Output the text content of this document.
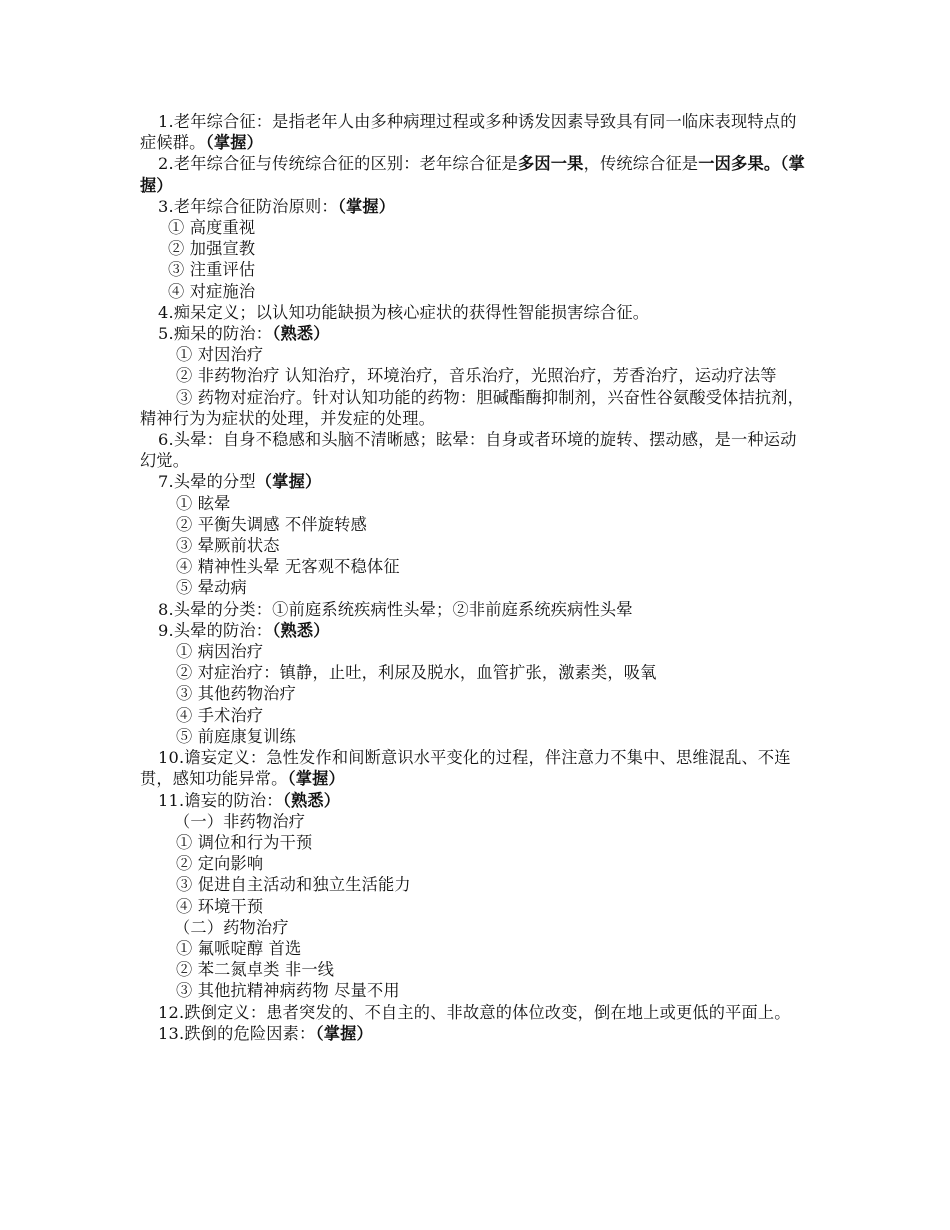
1.老年综合征：是指老年人由多种病理过程或多种诱发因素导致具有同一临床表现特点的症候群。（掌握）

2.老年综合征与传统综合征的区别：老年综合征是多因一果，传统综合征是一因多果。（掌握）

3.老年综合征防治原则：（掌握）

① 高度重视

② 加强宣教

③ 注重评估

④ 对症施治

4.痴呆定义；以认知功能缺损为核心症状的获得性智能损害综合征。

5.痴呆的防治：（熟悉）

① 对因治疗

② 非药物治疗 认知治疗，环境治疗，音乐治疗，光照治疗，芳香治疗，运动疗法等

③ 药物对症治疗。针对认知功能的药物：胆碱酯酶抑制剂，兴奋性谷氨酸受体拮抗剂，精神行为为症状的处理，并发症的处理。

6.头晕：自身不稳感和头脑不清晰感；眩晕：自身或者环境的旋转、摆动感，是一种运动幻觉。

7.头晕的分型（掌握）

① 眩晕

② 平衡失调感 不伴旋转感

③ 晕厥前状态

④ 精神性头晕 无客观不稳体征

⑤ 晕动病

8.头晕的分类：①前庭系统疾病性头晕；②非前庭系统疾病性头晕

9.头晕的防治：（熟悉）

① 病因治疗

② 对症治疗：镇静，止吐，利尿及脱水，血管扩张，激素类，吸氧

③ 其他药物治疗

④ 手术治疗

⑤ 前庭康复训练

10.谵妄定义：急性发作和间断意识水平变化的过程，伴注意力不集中、思维混乱、不连贯，感知功能异常。（掌握）

11.谵妄的防治：（熟悉）

（一）非药物治疗

① 调位和行为干预

② 定向影响

③ 促进自主活动和独立生活能力

④ 环境干预

（二）药物治疗

① 氟哌啶醇 首选

② 苯二氮卓类 非一线

③ 其他抗精神病药物 尽量不用

12.跌倒定义：患者突发的、不自主的、非故意的体位改变，倒在地上或更低的平面上。

13.跌倒的危险因素：（掌握）
